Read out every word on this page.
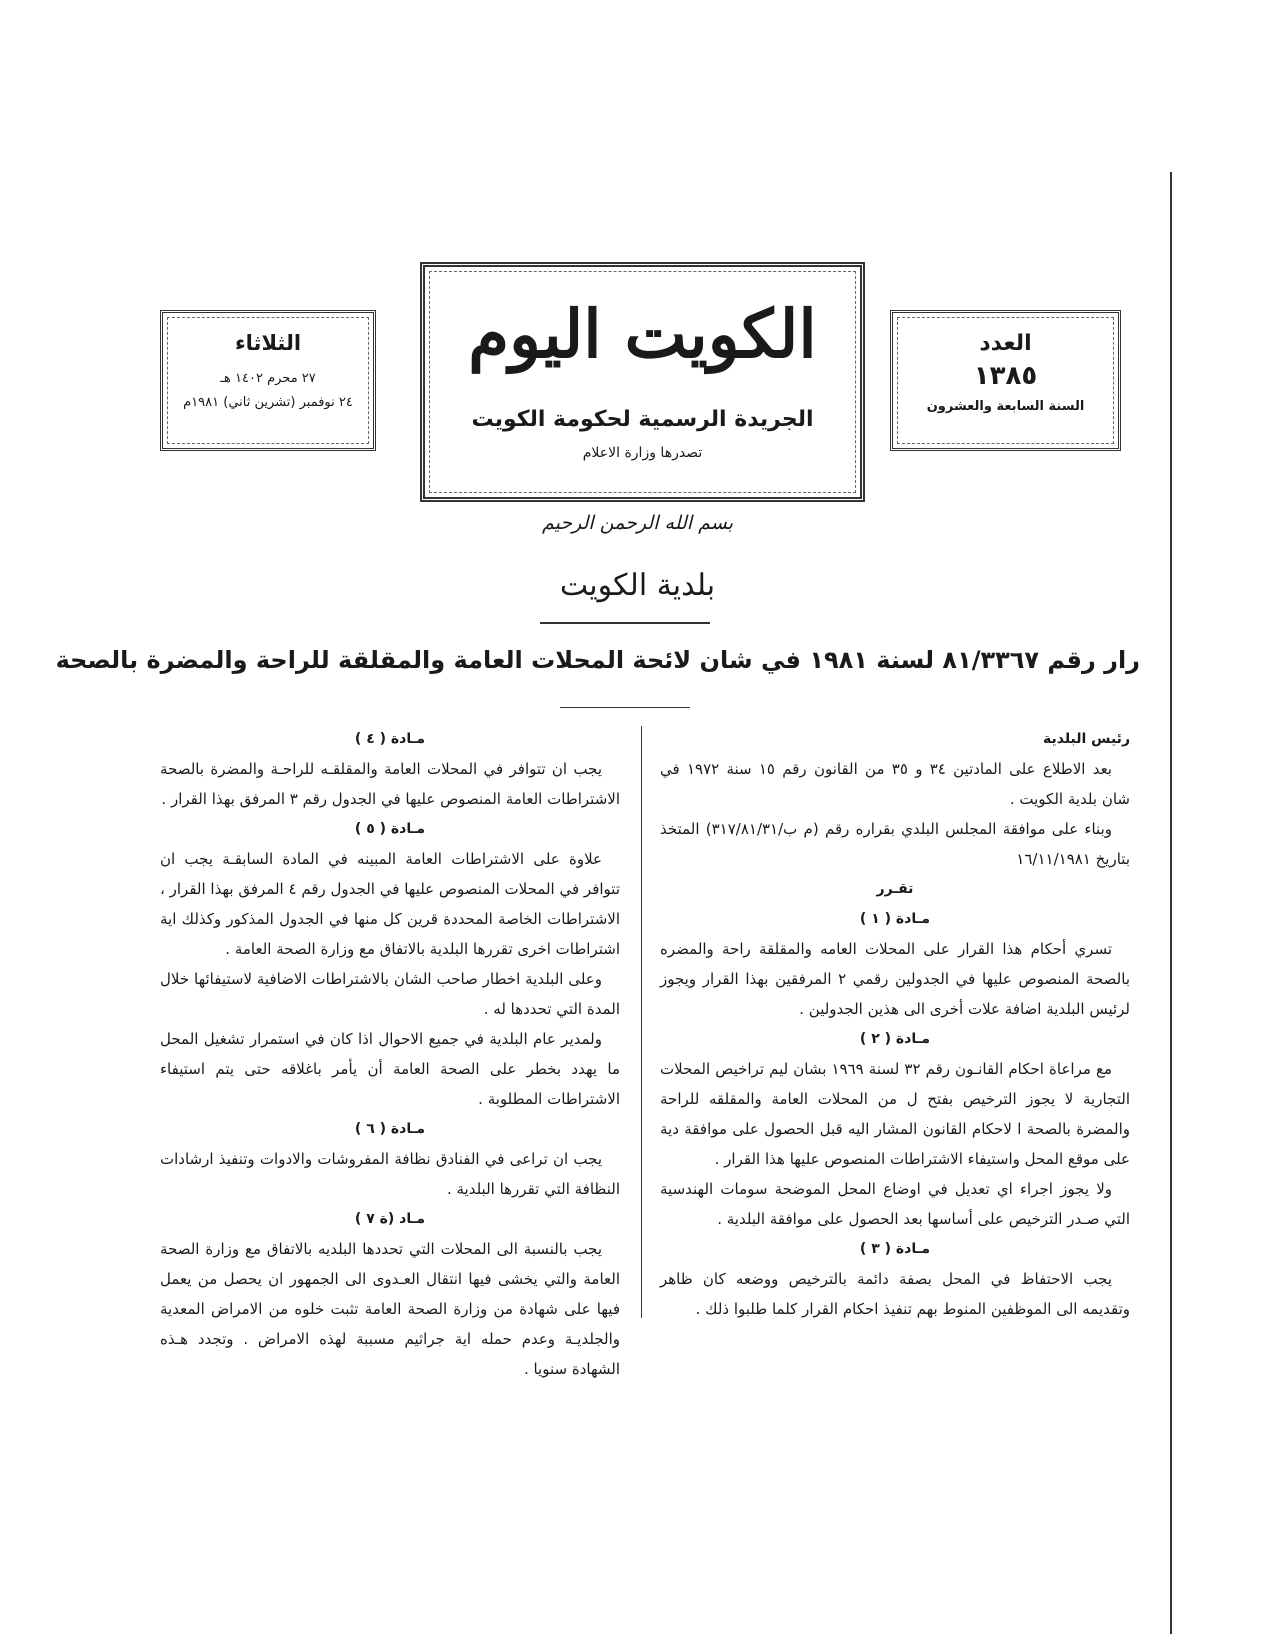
العدد
١٣٨٥
السنة السابعة والعشرون
الكويت اليوم
الجريدة الرسمية لحكومة الكويت
تصدرها وزارة الاعلام
الثلاثاء
٢٧ محرم ١٤٠٢ هـ
٢٤ نوفمبر (تشرين ثاني) ١٩٨١م
بسم الله الرحمن الرحيم
بلدية الكويت
رار رقم ٨١/٣٣٦٧ لسنة ١٩٨١ في شان لائحة المحلات العامة والمقلقة للراحة والمضرة بالصحة

رئيس البلدية

بعد الاطلاع على المادتين ٣٤ و ٣٥ من القانون رقم ١٥ سنة ١٩٧٢ في شان بلدية الكويت .

وبناء على موافقة المجلس البلدي بقراره رقم (م ب/٣١٧/٨١/٣١) المتخذ بتاريخ ١٦/١١/١٩٨١

تقـرر

مـادة ( ١ )

تسري أحكام هذا القرار على المحلات العامه والمقلقة راحة والمضره بالصحة المنصوص عليها في الجدولين رقمي ٢ المرفقين بهذا القرار ويجوز لرئيس البلدية اضافة علات أخرى الى هذين الجدولين .

مـادة ( ٢ )

مع مراعاة احكام القانـون رقم ٣٢ لسنة ١٩٦٩ بشان ليم تراخيص المحلات التجارية لا يجوز الترخيص بفتح ل من المحلات العامة والمقلقه للراحة والمضرة بالصحة ا لاحكام القانون المشار اليه قبل الحصول على موافقة دية على موقع المحل واستيفاء الاشتراطات المنصوص عليها هذا القرار .

ولا يجوز اجراء اي تعديل في اوضاع المحل الموضحة سومات الهندسية التي صـدر الترخيص على أساسها بعد الحصول على موافقة البلدية .

مـادة ( ٣ )

يجب الاحتفاظ في المحل بصفة دائمة بالترخيص ووضعه كان ظاهر وتقديمه الى الموظفين المنوط بهم تنفيذ احكام القرار كلما طلبوا ذلك .

مـادة ( ٤ )

يجب ان تتوافر في المحلات العامة والمقلقـه للراحـة والمضرة بالصحة الاشتراطات العامة المنصوص عليها في الجدول رقم ٣ المرفق بهذا القرار .

مـادة ( ٥ )

علاوة على الاشتراطات العامة المبينه في المادة السابقـة يجب ان تتوافر في المحلات المنصوص عليها في الجدول رقم ٤ المرفق بهذا القرار ، الاشتراطات الخاصة المحددة قرين كل منها في الجدول المذكور وكذلك اية اشتراطات اخرى تقررها البلدية بالاتفاق مع وزارة الصحة العامة .

وعلى البلدية اخطار صاحب الشان بالاشتراطات الاضافية لاستيفائها خلال المدة التي تحددها له .

ولمدير عام البلدية في جميع الاحوال اذا كان في استمرار تشغيل المحل ما يهدد بخطر على الصحة العامة أن يأمر باغلاقه حتى يتم استيفاء الاشتراطات المطلوبة .

مـادة ( ٦ )

يجب ان تراعى في الفنادق نظافة المفروشات والادوات وتنفيذ ارشادات النظافة التي تقررها البلدية .

مـاد (ة ٧ )

يجب بالنسبة الى المحلات التي تحددها البلديه بالاتفاق مع وزارة الصحة العامة والتي يخشى فيها انتقال العـدوى الى الجمهور ان يحصل من يعمل فيها على شهادة من وزارة الصحة العامة تثبت خلوه من الامراض المعدية والجلديـة وعدم حمله اية جراثيم مسببة لهذه الامراض . وتجدد هـذه الشهادة سنويا .
